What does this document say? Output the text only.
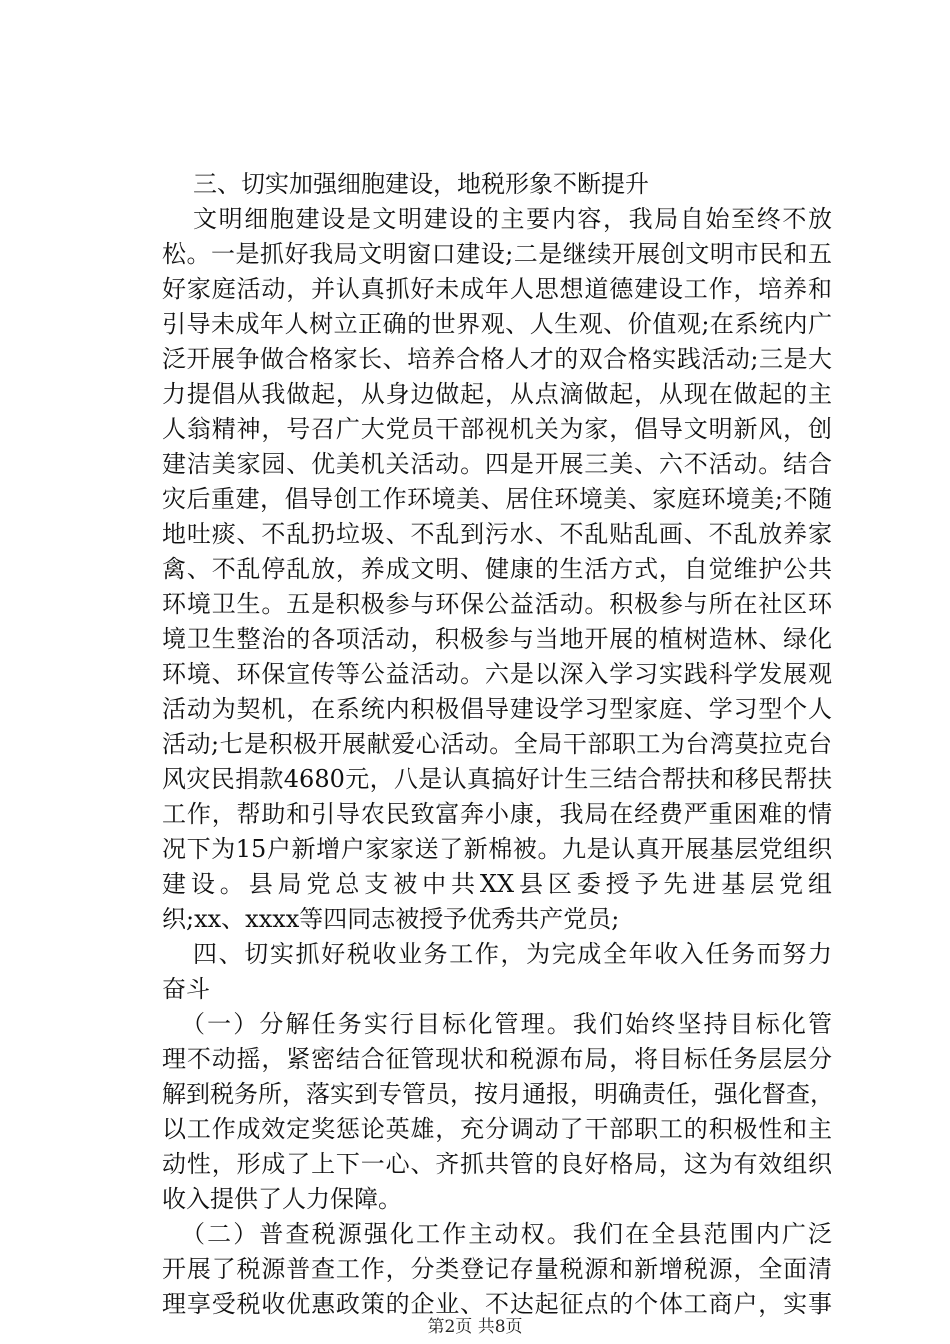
三、切实加强细胞建设，地税形象不断提升
文明细胞建设是文明建设的主要内容，我局自始至终不放
松。一是抓好我局文明窗口建设;二是继续开展创文明市民和五
好家庭活动，并认真抓好未成年人思想道德建设工作，培养和
引导未成年人树立正确的世界观、人生观、价值观;在系统内广
泛开展争做合格家长、培养合格人才的双合格实践活动;三是大
力提倡从我做起，从身边做起，从点滴做起，从现在做起的主
人翁精神，号召广大党员干部视机关为家，倡导文明新风，创
建洁美家园、优美机关活动。四是开展三美、六不活动。结合
灾后重建，倡导创工作环境美、居住环境美、家庭环境美;不随
地吐痰、不乱扔垃圾、不乱到污水、不乱贴乱画、不乱放养家
禽、不乱停乱放，养成文明、健康的生活方式，自觉维护公共
环境卫生。五是积极参与环保公益活动。积极参与所在社区环
境卫生整治的各项活动，积极参与当地开展的植树造林、绿化
环境、环保宣传等公益活动。六是以深入学习实践科学发展观
活动为契机，在系统内积极倡导建设学习型家庭、学习型个人
活动;七是积极开展献爱心活动。全局干部职工为台湾莫拉克台
风灾民捐款4680元，八是认真搞好计生三结合帮扶和移民帮扶
工作，帮助和引导农民致富奔小康，我局在经费严重困难的情
况下为15户新增户家家送了新棉被。九是认真开展基层党组织
建设。县局党总支被中共XX县区委授予先进基层党组
织;xx、xxxx等四同志被授予优秀共产党员;
四、切实抓好税收业务工作，为完成全年收入任务而努力
奋斗
（一）分解任务实行目标化管理。我们始终坚持目标化管
理不动摇，紧密结合征管现状和税源布局，将目标任务层层分
解到税务所，落实到专管员，按月通报，明确责任，强化督查，
以工作成效定奖惩论英雄，充分调动了干部职工的积极性和主
动性，形成了上下一心、齐抓共管的良好格局，这为有效组织
收入提供了人力保障。
（二）普查税源强化工作主动权。我们在全县范围内广泛
开展了税源普查工作，分类登记存量税源和新增税源，全面清
理享受税收优惠政策的企业、不达起征点的个体工商户，实事
第2页 共8页
